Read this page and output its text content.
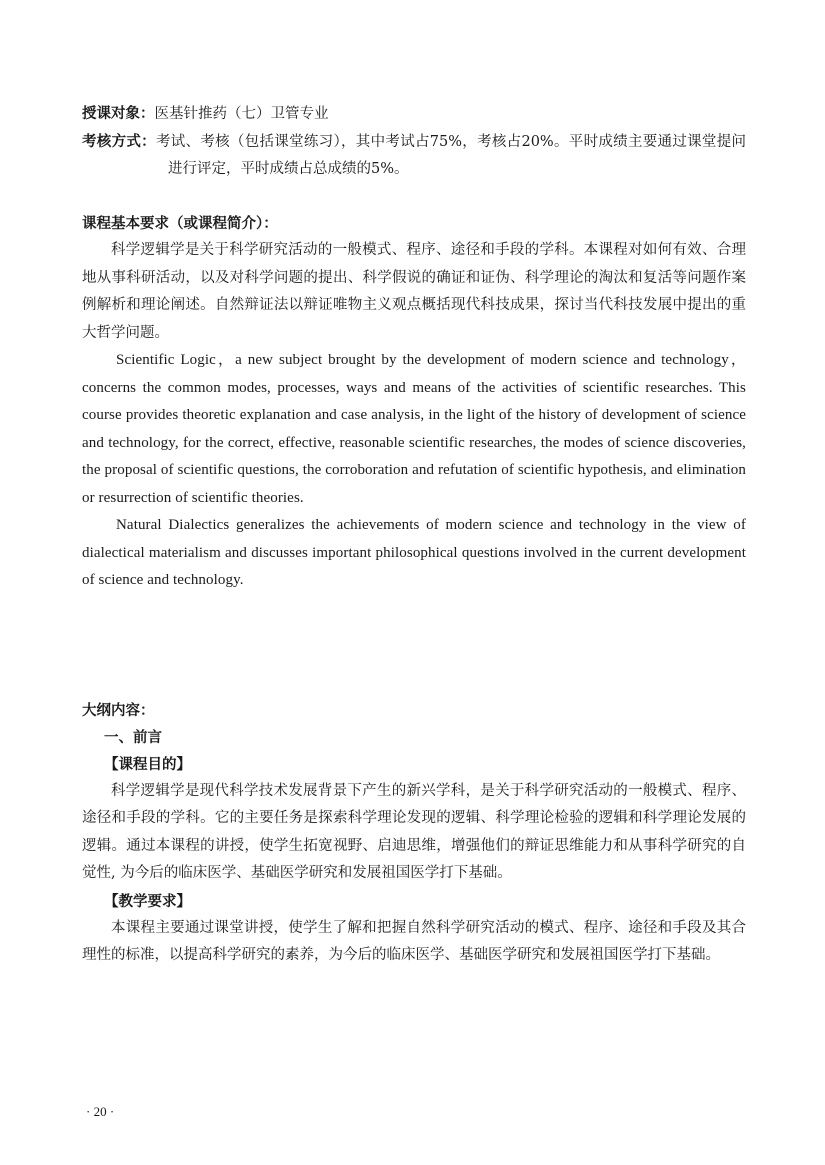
授课对象：医基针推药（七）卫管专业

考核方式：考试、考核（包括课堂练习），其中考试占75%，考核占20%。平时成绩主要通过课堂提问进行评定，平时成绩占总成绩的5%。

课程基本要求（或课程简介）：

科学逻辑学是关于科学研究活动的一般模式、程序、途径和手段的学科。本课程对如何有效、合理地从事科研活动，以及对科学问题的提出、科学假说的确证和证伪、科学理论的淘汰和复活等问题作案例解析和理论阐述。自然辩证法以辩证唯物主义观点概括现代科技成果，探讨当代科技发展中提出的重大哲学问题。

Scientific Logic，a new subject brought by the development of modern science and technology，concerns the common modes, processes, ways and means of the activities of scientific researches. This course provides theoretic explanation and case analysis, in the light of the history of development of science and technology, for the correct, effective, reasonable scientific researches, the modes of science discoveries, the proposal of scientific questions, the corroboration and refutation of scientific hypothesis, and elimination or resurrection of scientific theories.

Natural Dialectics generalizes the achievements of modern science and technology in the view of dialectical materialism and discusses important philosophical questions involved in the current development of science and technology.

大纲内容：

一、前言

【课程目的】

科学逻辑学是现代科学技术发展背景下产生的新兴学科，是关于科学研究活动的一般模式、程序、途径和手段的学科。它的主要任务是探索科学理论发现的逻辑、科学理论检验的逻辑和科学理论发展的逻辑。通过本课程的讲授，使学生拓宽视野、启迪思维，增强他们的辩证思维能力和从事科学研究的自觉性, 为今后的临床医学、基础医学研究和发展祖国医学打下基础。

【教学要求】

本课程主要通过课堂讲授，使学生了解和把握自然科学研究活动的模式、程序、途径和手段及其合理性的标准，以提高科学研究的素养，为今后的临床医学、基础医学研究和发展祖国医学打下基础。

· 20 ·
